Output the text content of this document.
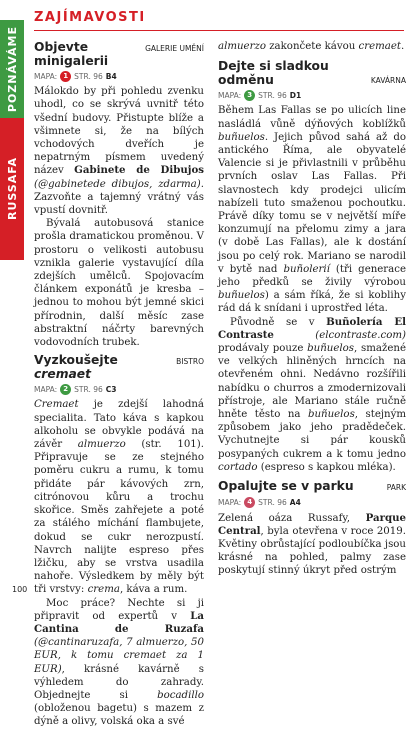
POZNÁVÁME
RUSSAFA
ZAJÍMAVOSTI
Objevte minigalerii
GALERIE UMĚNÍ
MAPA: 1 STR. 96 B4

Málokdo by při pohledu zvenku uhodl, co se skrývá uvnitř této všední budovy. Přistupte blíže a všimnete si, že na bílých vchodových dveřích je nepatrným písmem uvedený název Gabinete de Dibujos (@gabinetede dibujos, zdarma). Zazvoňte a tajemný vrátný vás vpustí dovnitř.

Bývalá autobusová stanice prošla dramatickou proměnou. V prostoru o velikosti autobusu vznikla galerie vystavující díla zdejších umělců. Spojovacím článkem exponátů je kresba – jednou to mohou být jemné skici přírodnin, další měsíc zase abstraktní náčrty barevných vodovodních trubek.

Vyzkoušejte cremaet
BISTRO
MAPA: 2 STR. 96 C3

Cremaet je zdejší lahodná specialita. Tato káva s kapkou alkoholu se obvykle podává na závěr almuerzo (str. 101). Připravuje se ze stejného poměru cukru a rumu, k tomu přidáte pár kávových zrn, citrónovou kůru a trochu skořice. Směs zahřejete a poté za stálého míchání flambujete, dokud se cukr nerozpustí. Navrch nalijte espreso přes lžičku, aby se vrstva usadila nahoře. Výsledkem by měly být tři vrstvy: crema, káva a rum.

Moc práce? Nechte si ji připravit od expertů v La Cantina de Ruzafa (@cantinaruzafa, 7 almuerzo, 50 EUR, k tomu cremaet za 1 EUR), krásné kavárně s výhledem do zahrady. Objednejte si bocadillo (obloženou bagetu) s mazem z dýně a olivy, volská oka a své

almuerzo zakončete kávou cremaet.

Dejte si sladkou odměnu	KAVÁRNA
MAPA: 3 STR. 96 D1

Během Las Fallas se po ulicích line nasládlá vůně dýňových koblížků buñuelos. Jejich původ sahá až do antického Říma, ale obyvatelé Valencie si je přivlastnili v průběhu prvních oslav Las Fallas. Při slavnostech kdy prodejci ulicím nabízeli tuto smaženou pochoutku. Právě díky tomu se v největší míře konzumují na přelomu zimy a jara (v době Las Fallas), ale k dostání jsou po celý rok. Mariano se narodil v bytě nad buñolerií (tři generace jeho předků se živily výrobou buñuelos) a sám říká, že si koblihy rád dá k snídani i uprostřed léta.

Původně se v Buñolería El Contraste (elcontraste.com) prodávaly pouze buñuelos, smažené ve velkých hliněných hrncích na otevřeném ohni. Nedávno rozšířili nabídku o churros a zmodernizovali přístroje, ale Mariano stále ručně hněte těsto na buñuelos, stejným způsobem jako jeho pradědeček. Vychutnejte si pár kousků posypaných cukrem a k tomu jedno cortado (espreso s kapkou mléka).

Opalujte se v parku	PARK
MAPA: 4 STR. 96 A4

Zelená oáza Russafy, Parque Central, byla otevřena v roce 2019. Květiny obrůstající podloubíčka jsou krásné na pohled, palmy zase poskytují stinný úkryt před ostrým

100
